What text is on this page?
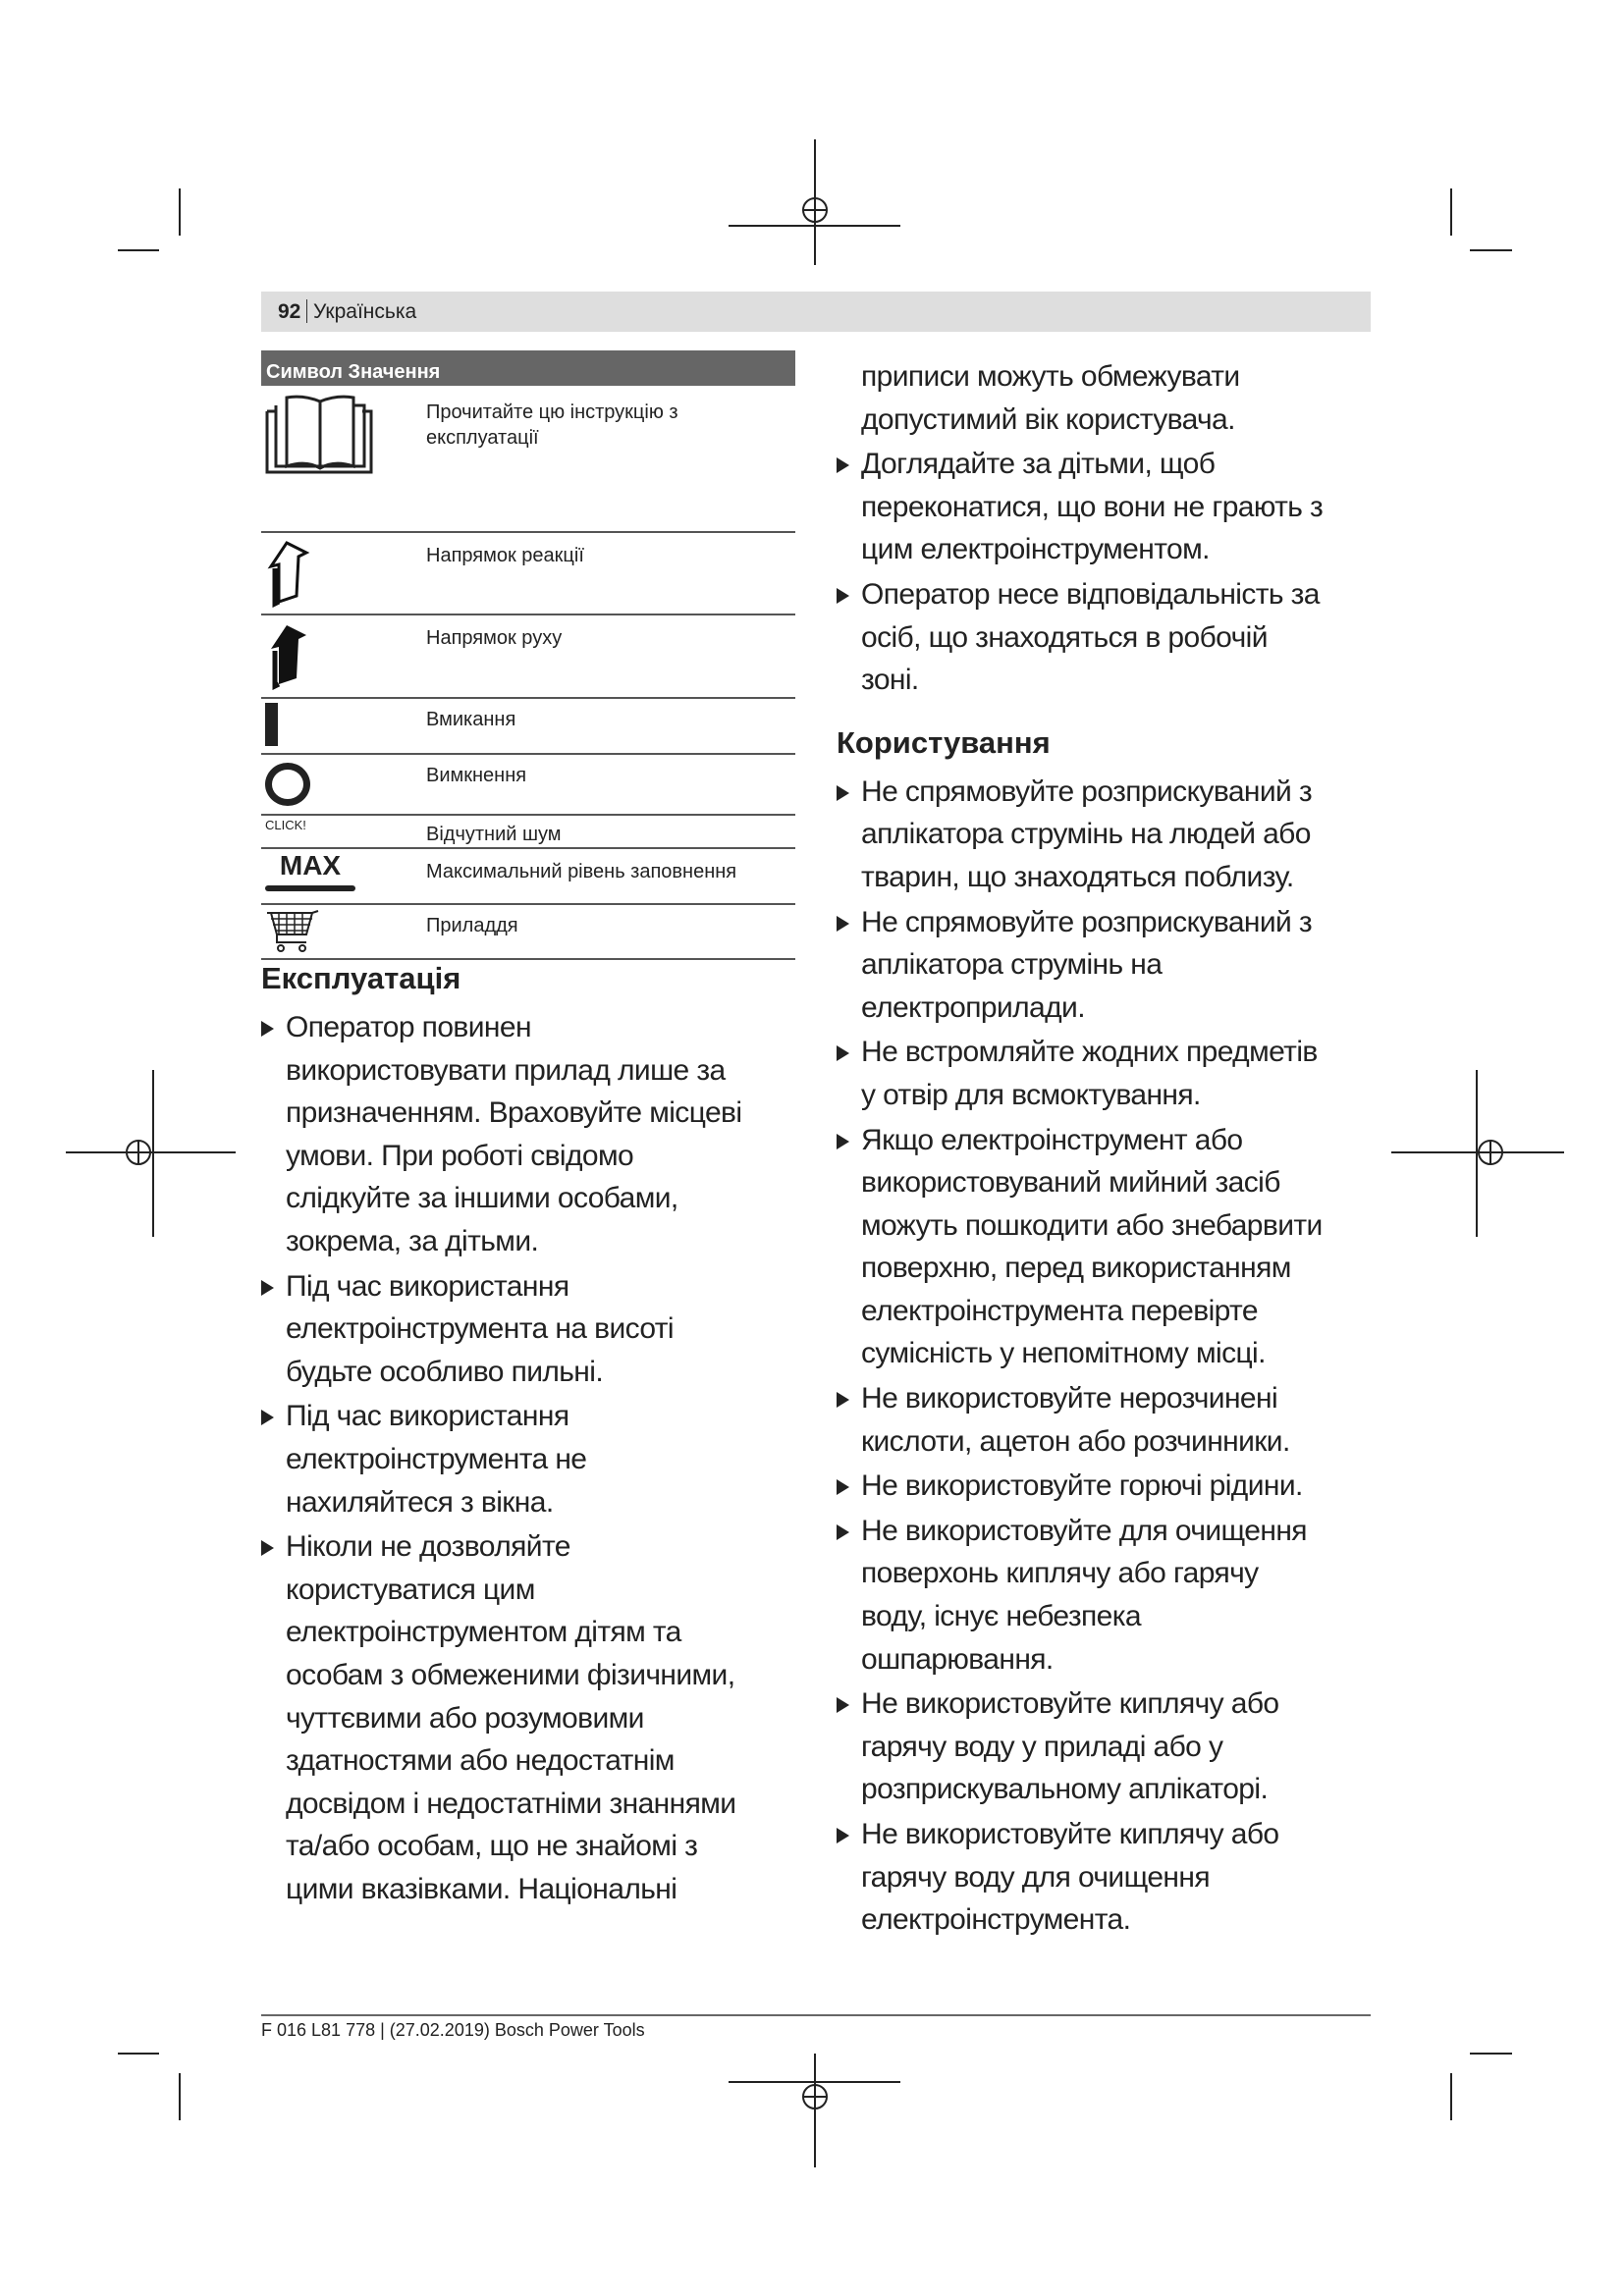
92 Українська
Символ Значення
Прочитайте цю інструкцію з експлуатації
Напрямок реакції
Напрямок руху
Вмикання
Вимкнення
CLICK!	Відчутний шум
MAX	Максимальний рівень заповнення
Приладдя
Експлуатація
Оператор повинен
використовувати прилад лише за
призначенням. Враховуйте місцеві
умови. При роботі свідомо
слідкуйте за іншими особами,
зокрема, за дітьми.
Під час використання
електроінструмента на висоті
будьте особливо пильні.
Під час використання
електроінструмента не
нахиляйтеся з вікна.
Ніколи не дозволяйте
користуватися цим
електроінструментом дітям та
особам з обмеженими фізичними,
чуттєвими або розумовими
здатностями або недостатнім
досвідом і недостатніми знаннями
та/або особам, що не знайомі з
цими вказівками. Національні
приписи можуть обмежувати
допустимий вік користувача.
Доглядайте за дітьми, щоб
переконатися, що вони не грають з
цим електроінструментом.
Оператор несе відповідальність за
осіб, що знаходяться в робочій
зоні.
Користування
Не спрямовуйте розприскуваний з
аплікатора струмінь на людей або
тварин, що знаходяться поблизу.
Не спрямовуйте розприскуваний з
аплікатора струмінь на
електроприлади.
Не встромляйте жодних предметів
у отвір для всмоктування.
Якщо електроінструмент або
використовуваний мийний засіб
можуть пошкодити або знебарвити
поверхню, перед використанням
електроінструмента перевірте
сумісність у непомітному місці.
Не використовуйте нерозчинені
кислоти, ацетон або розчинники.
Не використовуйте горючі рідини.
Не використовуйте для очищення
поверхонь киплячу або гарячу
воду, існує небезпека
ошпарювання.
Не використовуйте киплячу або
гарячу воду у приладі або у
розприскувальному аплікаторі.
Не використовуйте киплячу або
гарячу воду для очищення
електроінструмента.
F 016 L81 778 | (27.02.2019) Bosch Power Tools
